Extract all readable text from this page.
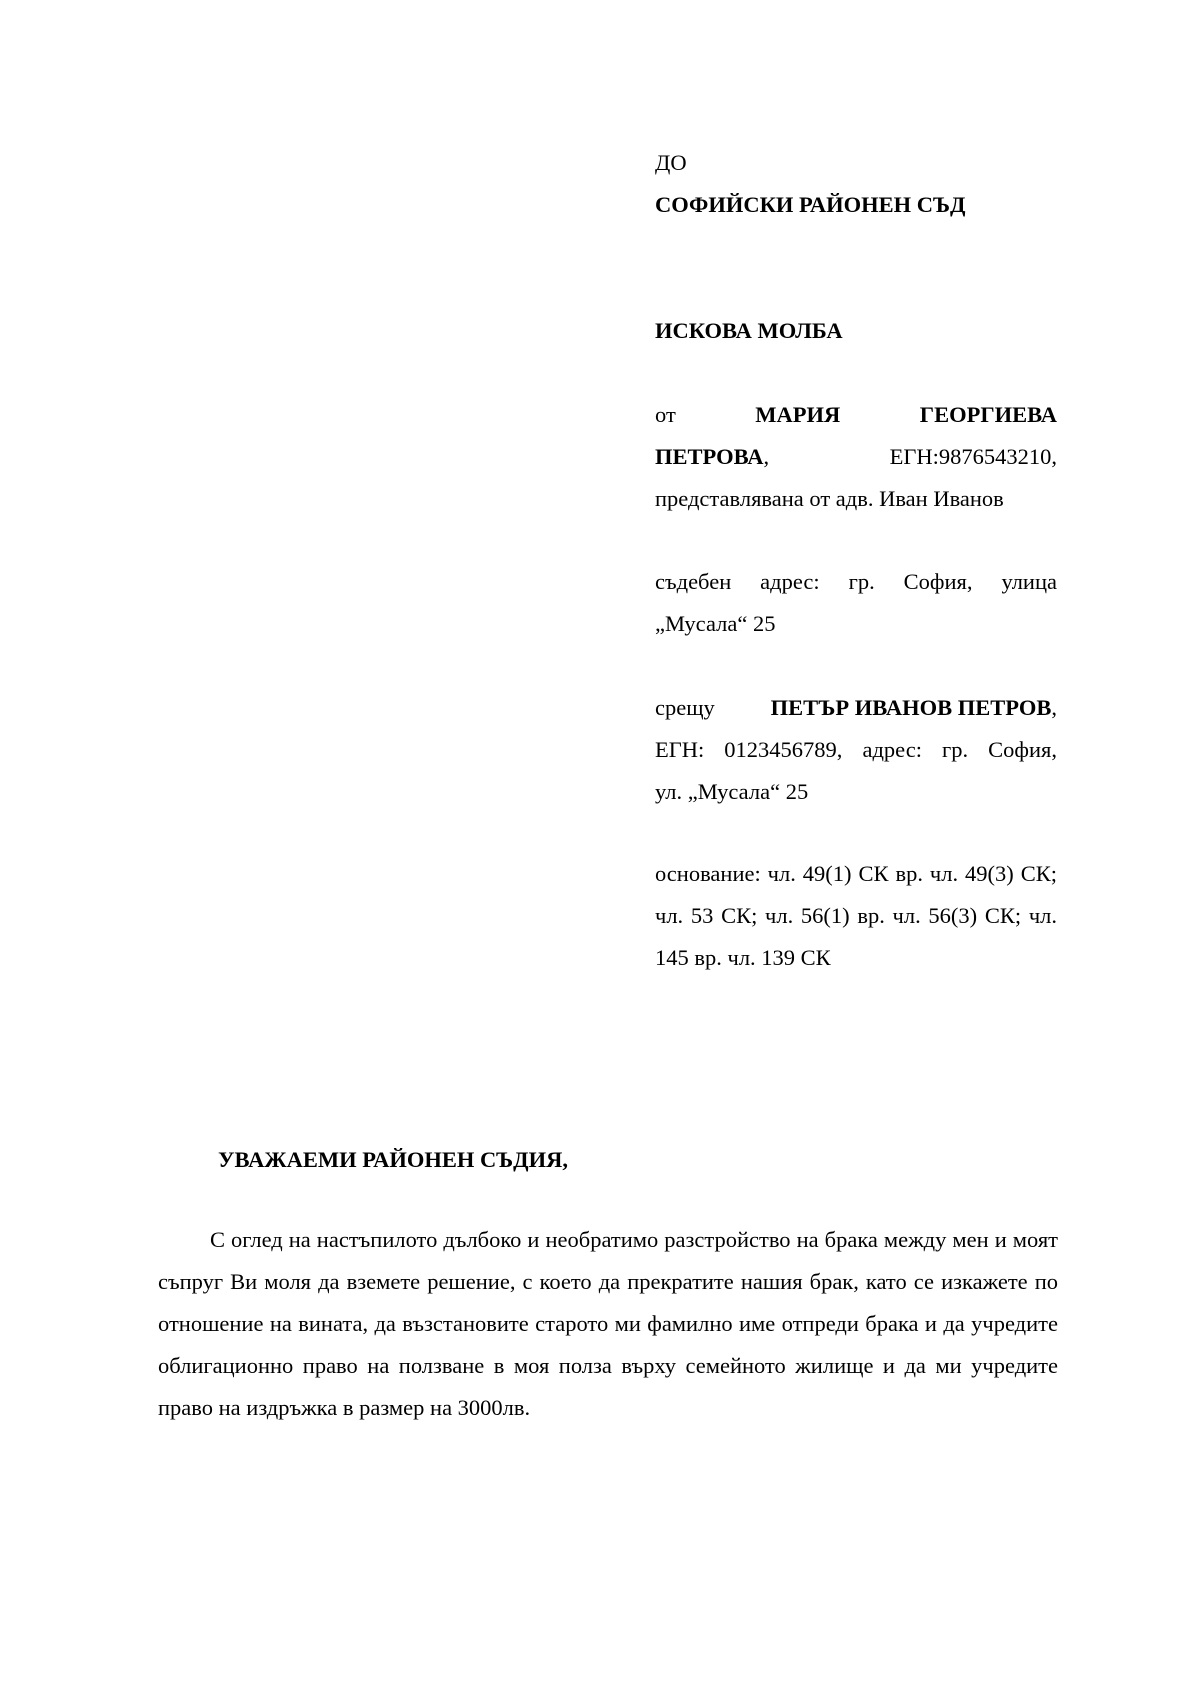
ДО

СОФИЙСКИ РАЙОНЕН СЪД

ИСКОВА МОЛБА

от	МАРИЯ	ГЕОРГИЕВА
ПЕТРОВА,	ЕГН:9876543210,

представлявана от адв. Иван Иванов

съдебен адрес: гр. София, улица

„Мусала“ 25

срещу ПЕТЪР ИВАНОВ ПЕТРОВ,

ЕГН: 0123456789, адрес: гр. София,

ул. „Мусала“ 25

основание: чл. 49(1) СК вр. чл. 49(3) СК; чл. 53 СК; чл. 56(1) вр. чл. 56(3) СК; чл. 145 вр. чл. 139 СК

УВАЖАЕМИ РАЙОНЕН СЪДИЯ,

С оглед на настъпилото дълбоко и необратимо разстройство на брака между мен и моят съпруг Ви моля да вземете решение, с което да прекратите нашия брак, като се изкажете по отношение на вината, да възстановите старото ми фамилно име отпреди брака и да учредите облигационно право на ползване в моя полза върху семейното жилище и да ми учредите право на издръжка в размер на 3000лв.
